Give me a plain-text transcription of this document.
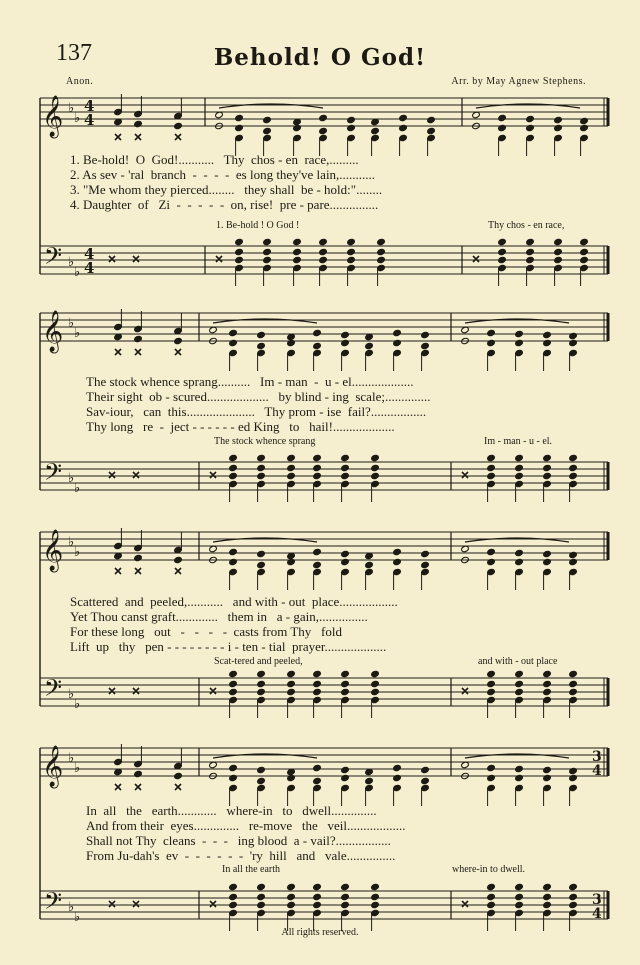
137	Behold! O God!
Anon.	Arr. by May Agnew Stephens.
𝄞
𝄢
♭
♭
♭
♭
4
4
4
4
𝄞
𝄢
♭
♭
♭
♭
𝄞
𝄢
♭
♭
♭
♭
𝄞
𝄢
♭
♭
♭
♭
3
4
3
4
1. Be-hold!  O  God!...........   Thy  chos - en  race,.........
2. As sev - 'ral  branch  -  -  -  -  es long they've lain,...........
3. "Me whom they pierced........   they shall  be - hold:"........
4. Daughter  of   Zi  -  -  -  -  -  on, rise!  pre - pare...............
1. Be-hold ! O God !	Thy chos - en race,
The stock whence sprang..........   Im - man  -  u - el...................
Their sight  ob - scured...................   by blind - ing  scale;..............
Sav-iour,   can  this.....................   Thy prom - ise  fail?.................
Thy long   re  -  ject - - - - - - ed King   to   hail!...................
The stock whence sprang	Im - man - u - el.
Scattered  and  peeled,...........   and with - out  place..................
Yet Thou canst graft.............   them in   a - gain,...............
For these long   out   -   -   -   -  casts from Thy   fold
Lift  up   thy   pen - - - - - - - - i - ten - tial  prayer...................
Scat-tered and peeled,	and with - out place
In  all   the   earth............   where-in   to   dwell..............
And from their  eyes..............   re-move   the   veil..................
Shall not Thy  cleans  -  -  -   ing blood  a - vail?.................
From Ju-dah's  ev  -  -  -  -  -  -  'ry  hill   and   vale...............
In all the earth	where-in to dwell.
All rights reserved.
